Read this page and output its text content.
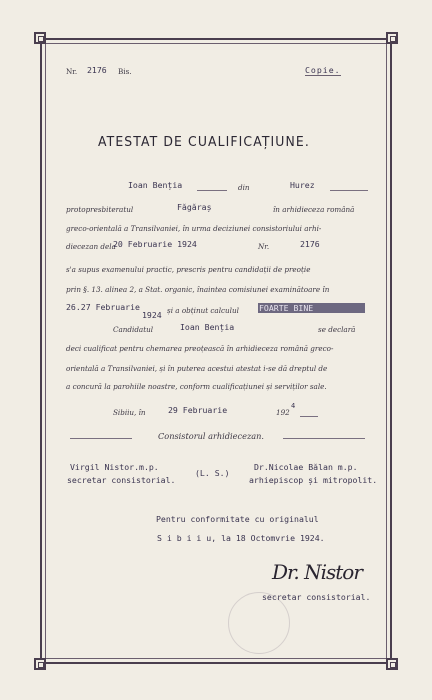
Nr. 2176 Bis.	Copie.
ATESTAT DE CUALIFICAȚIUNE.
Ioan Benția	din	Hurez
protopresbiteratul	Făgăraș	în arhidieceza română
greco-orientală a Transilvaniei, în urma deciziunei consistoriului arhi-
diecezan dela
20 Februarie 1924	Nr.	2176
s'a supus examenului practic, prescris pentru candidații de preoție
prin §. 13. alinea 2, a Stat. organic, înaintea comisiunei examinătoare în
26.27 Februarie
1924 și a obținut calculul FOARTE BINE
Candidatul	Ioan Benția	se declară
deci cualificat pentru chemarea preoțească în arhidieceza română greco-
orientală a Transilvaniei, și în puterea acestui atestat i-se dă dreptul de
a concură la parohiile noastre, conform cualificațiunei și serviților sale.
Sibiiu, în	29 Februarie	192
4
Consistorul arhidiecezan.
Virgil Nistor.m.p.
secretar consistorial.
(L. S.)
Dr.Nicolae Bălan m.p.
arhiepiscop și mitropolit.
Pentru conformitate cu originalul
S i b i i u, la 18 Octomvrie 1924.
Dr. Nistor
secretar consistorial.
